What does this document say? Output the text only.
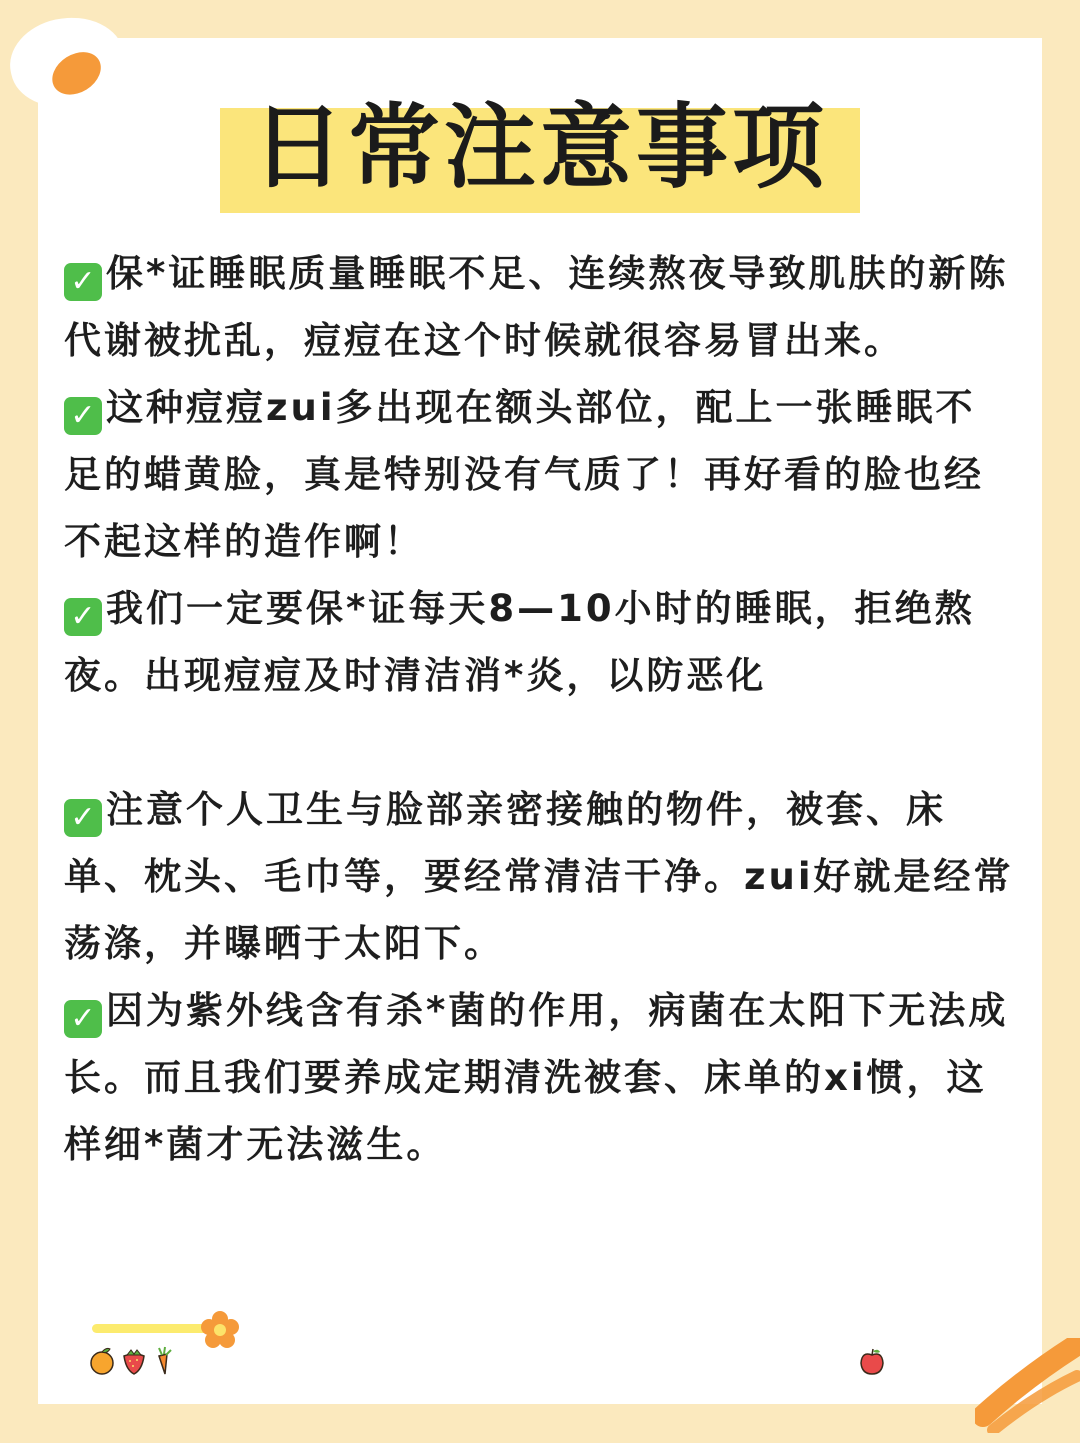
日常注意事项

✓ 保*证睡眠质量睡眠不足、连续熬夜导致肌肤的新陈代谢被扰乱，痘痘在这个时候就很容易冒出来。

✓ 这种痘痘zui多出现在额头部位，配上一张睡眠不足的蜡黄脸，真是特别没有气质了！再好看的脸也经不起这样的造作啊！

✓ 我们一定要保*证每天8—10小时的睡眠，拒绝熬夜。出现痘痘及时清洁消*炎，以防恶化

✓ 注意个人卫生与脸部亲密接触的物件，被套、床单、枕头、毛巾等，要经常清洁干净。zui好就是经常荡涤，并曝晒于太阳下。

✓ 因为紫外线含有杀*菌的作用，病菌在太阳下无法成长。而且我们要养成定期清洗被套、床单的xi惯，这样细*菌才无法滋生。
